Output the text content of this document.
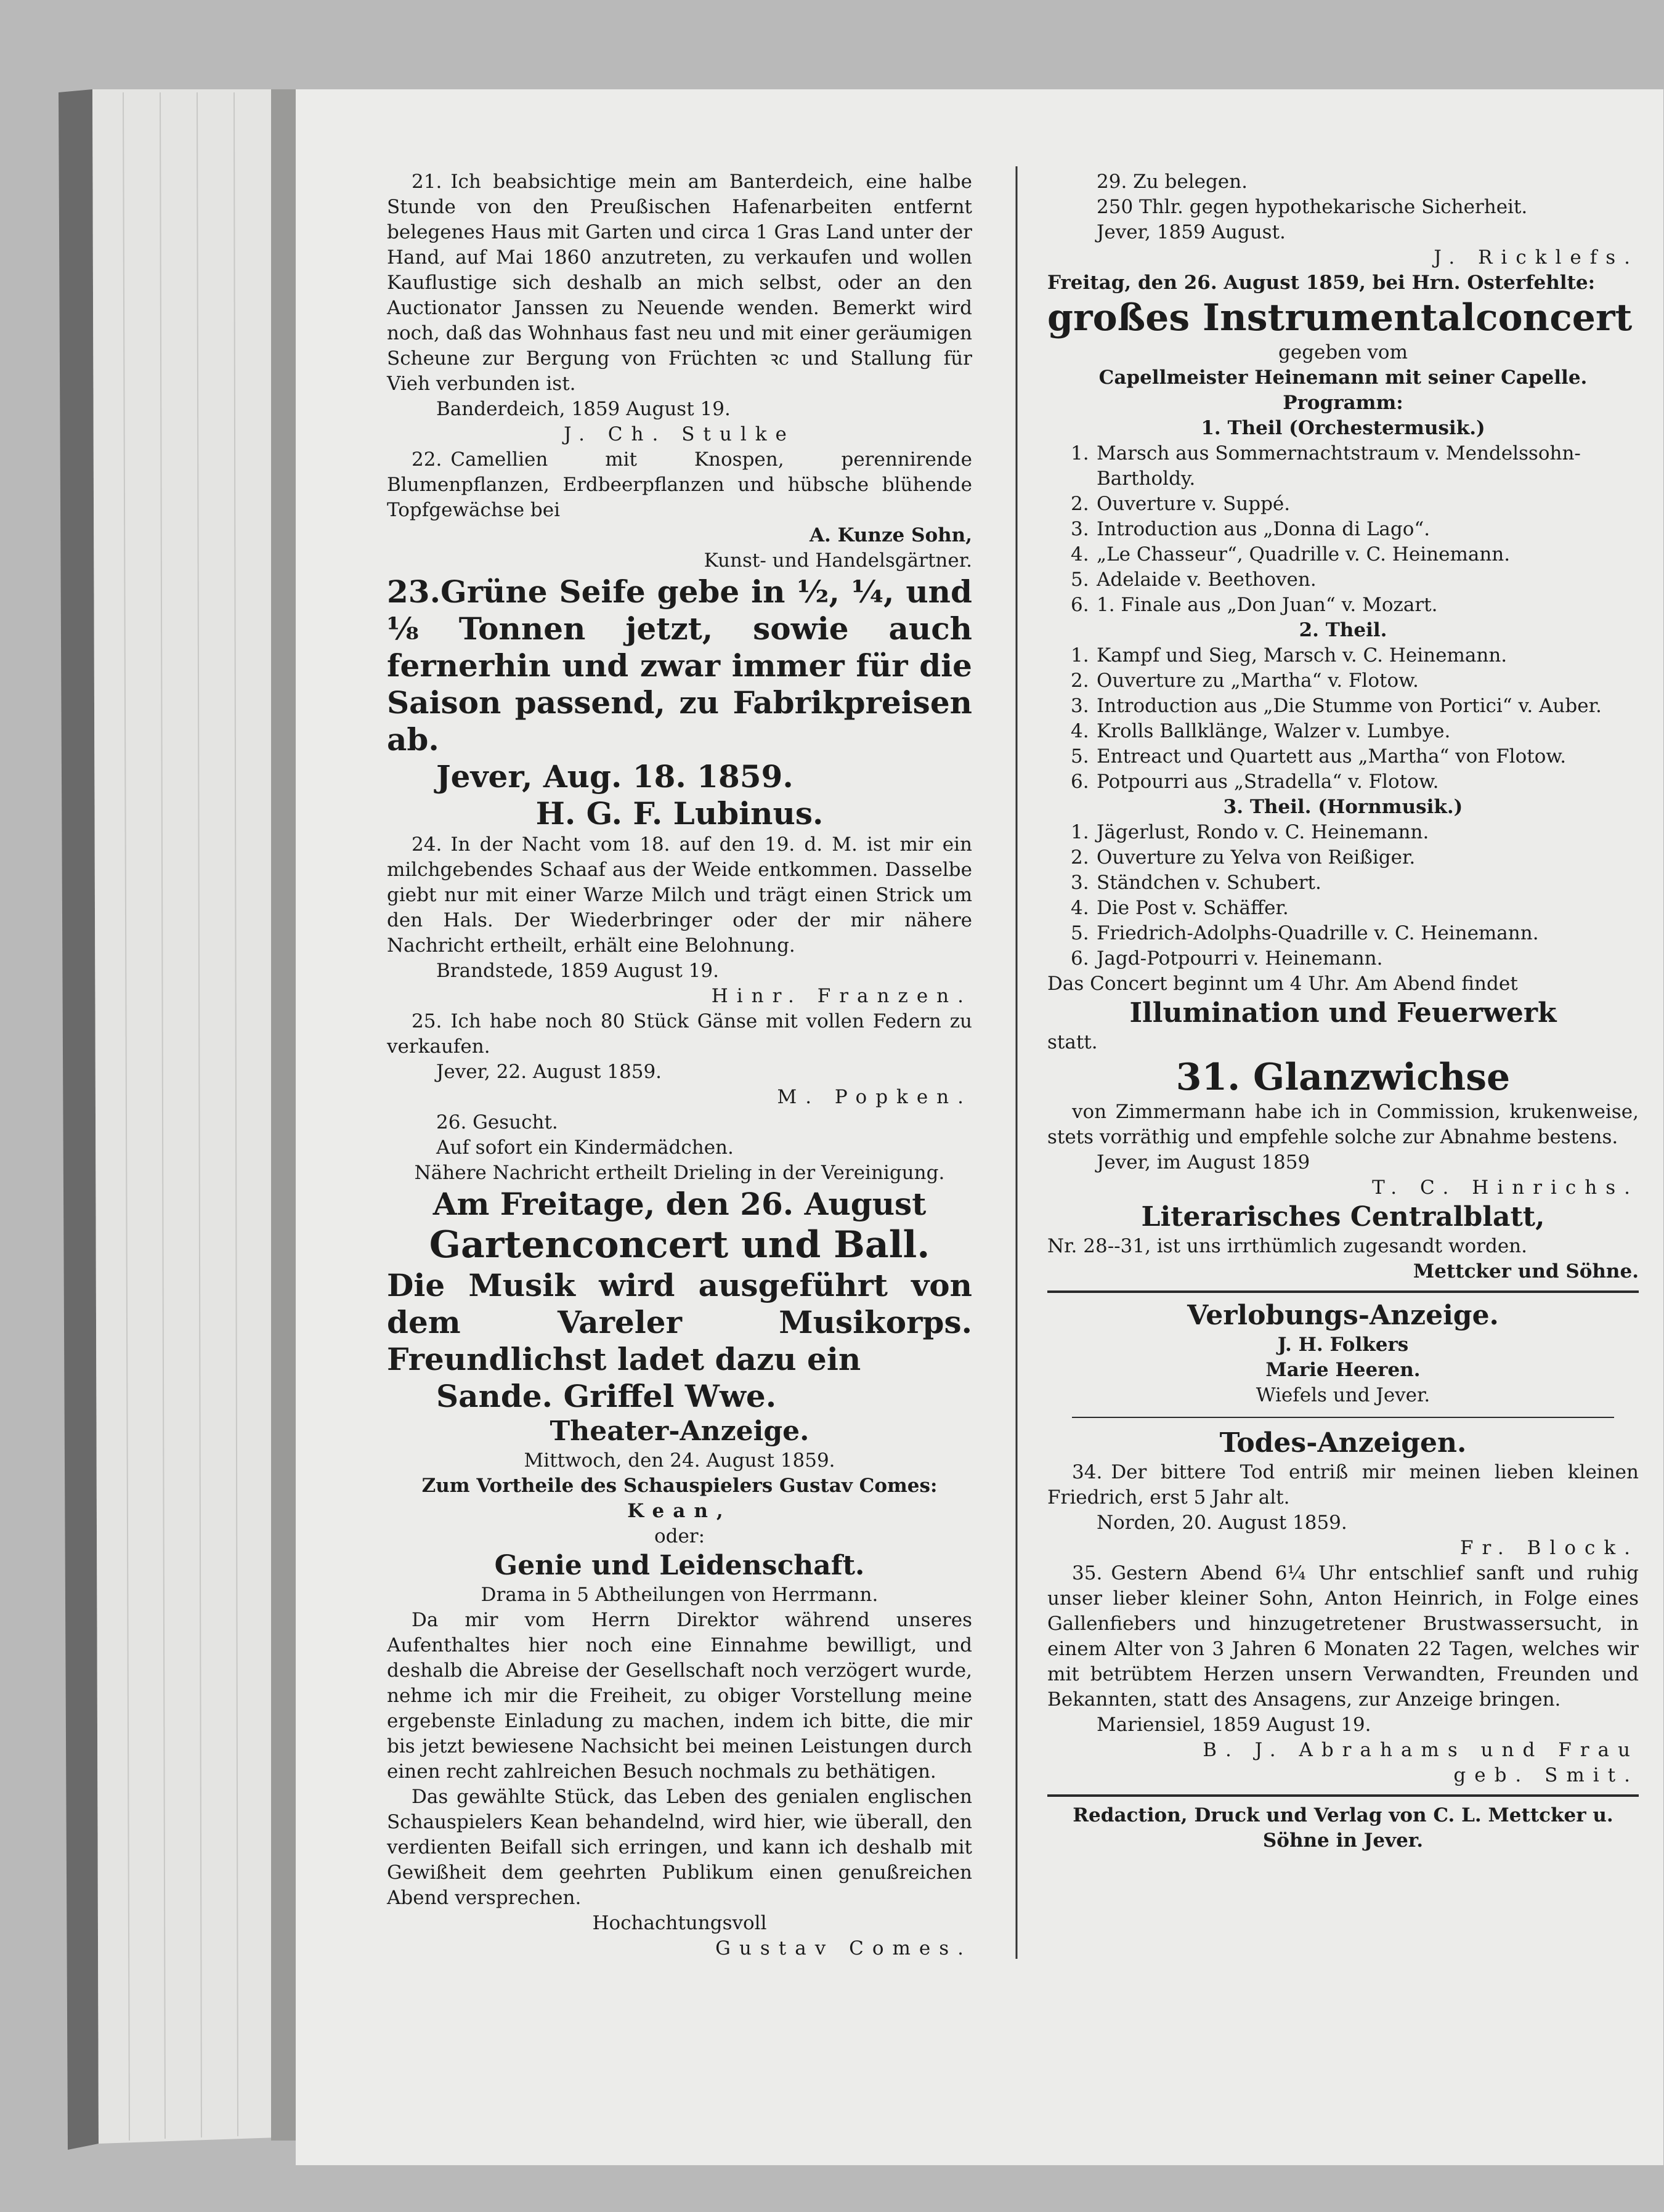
21. Ich beabsichtige mein am Banterdeich, eine halbe Stunde von den Preußischen Hafenarbeiten entfernt belegenes Haus mit Garten und circa 1 Gras Land unter der Hand, auf Mai 1860 anzutreten, zu verkaufen und wollen Kauflustige sich deshalb an mich selbst, oder an den Auctionator Janssen zu Neuende wenden. Bemerkt wird noch, daß das Wohnhaus fast neu und mit einer geräumigen Scheune zur Bergung von Früchten ꝛc und Stallung für Vieh verbunden ist.

Banderdeich, 1859 August 19.

J. Ch. Stulke

22. Camellien mit Knospen, perennirende Blumenpflanzen, Erdbeerpflanzen und hübsche blühende Topfgewächse bei

A. Kunze Sohn,

Kunst- und Handelsgärtner.

23.Grüne Seife gebe in ½, ¼, und ⅛ Tonnen jetzt, sowie auch fernerhin und zwar immer für die Saison passend, zu Fabrikpreisen ab.

Jever, Aug. 18. 1859.

H. G. F. Lubinus.

24. In der Nacht vom 18. auf den 19. d. M. ist mir ein milchgebendes Schaaf aus der Weide entkommen. Dasselbe giebt nur mit einer Warze Milch und trägt einen Strick um den Hals. Der Wiederbringer oder der mir nähere Nachricht ertheilt, erhält eine Belohnung.

Brandstede, 1859 August 19.

Hinr. Franzen.

25. Ich habe noch 80 Stück Gänse mit vollen Federn zu verkaufen.

Jever, 22. August 1859.

M. Popken.

26. Gesucht.

Auf sofort ein Kindermädchen.

Nähere Nachricht ertheilt Drieling in der Vereinigung.

Am Freitage, den 26. August

Gartenconcert und Ball.

Die Musik wird ausgeführt von dem Vareler Musikorps. Freundlichst ladet dazu ein

Sande. Griffel Wwe.

Theater-Anzeige.

Mittwoch, den 24. August 1859.

Zum Vortheile des Schauspielers Gustav Comes:

Kean,

oder:

Genie und Leidenschaft.

Drama in 5 Abtheilungen von Herrmann.

Da mir vom Herrn Direktor während unseres Aufenthaltes hier noch eine Einnahme bewilligt, und deshalb die Abreise der Gesellschaft noch verzögert wurde, nehme ich mir die Freiheit, zu obiger Vorstellung meine ergebenste Einladung zu machen, indem ich bitte, die mir bis jetzt bewiesene Nachsicht bei meinen Leistungen durch einen recht zahlreichen Besuch nochmals zu bethätigen.

Das gewählte Stück, das Leben des genialen englischen Schauspielers Kean behandelnd, wird hier, wie überall, den verdienten Beifall sich erringen, und kann ich deshalb mit Gewißheit dem geehrten Publikum einen genußreichen Abend versprechen.

Hochachtungsvoll

Gustav Comes.

29. Zu belegen.

250 Thlr. gegen hypothekarische Sicherheit.

Jever, 1859 August.

J. Ricklefs.

Freitag, den 26. August 1859, bei Hrn. Osterfehlte:

großes Instrumentalconcert

gegeben vom

Capellmeister Heinemann mit seiner Capelle.

Programm:

1. Theil (Orchestermusik.)

1. Marsch aus Sommernachtstraum v. Mendelssohn-Bartholdy.

2. Ouverture v. Suppé.

3. Introduction aus „Donna di Lago“.

4. „Le Chasseur“, Quadrille v. C. Heinemann.

5. Adelaide v. Beethoven.

6. 1. Finale aus „Don Juan“ v. Mozart.

2. Theil.

1. Kampf und Sieg, Marsch v. C. Heinemann.

2. Ouverture zu „Martha“ v. Flotow.

3. Introduction aus „Die Stumme von Portici“ v. Auber.

4. Krolls Ballklänge, Walzer v. Lumbye.

5. Entreact und Quartett aus „Martha“ von Flotow.

6. Potpourri aus „Stradella“ v. Flotow.

3. Theil. (Hornmusik.)

1. Jägerlust, Rondo v. C. Heinemann.

2. Ouverture zu Yelva von Reißiger.

3. Ständchen v. Schubert.

4. Die Post v. Schäffer.

5. Friedrich-Adolphs-Quadrille v. C. Heinemann.

6. Jagd-Potpourri v. Heinemann.

Das Concert beginnt um 4 Uhr. Am Abend findet

Illumination und Feuerwerk

statt.

31. Glanzwichse

von Zimmermann habe ich in Commission, krukenweise, stets vorräthig und empfehle solche zur Abnahme bestens.

Jever, im August 1859

T. C. Hinrichs.

Literarisches Centralblatt,

Nr. 28--31, ist uns irrthümlich zugesandt worden.

Mettcker und Söhne.

Verlobungs-Anzeige.

J. H. Folkers

Marie Heeren.

Wiefels und Jever.

Todes-Anzeigen.

34. Der bittere Tod entriß mir meinen lieben kleinen Friedrich, erst 5 Jahr alt.

Norden, 20. August 1859.

Fr. Block.

35. Gestern Abend 6¼ Uhr entschlief sanft und ruhig unser lieber kleiner Sohn, Anton Heinrich, in Folge eines Gallenfiebers und hinzugetretener Brustwassersucht, in einem Alter von 3 Jahren 6 Monaten 22 Tagen, welches wir mit betrübtem Herzen unsern Verwandten, Freunden und Bekannten, statt des Ansagens, zur Anzeige bringen.

Mariensiel, 1859 August 19.

B. J. Abrahams und Frau

geb. Smit.

Redaction, Druck und Verlag von C. L. Mettcker u. Söhne in Jever.
